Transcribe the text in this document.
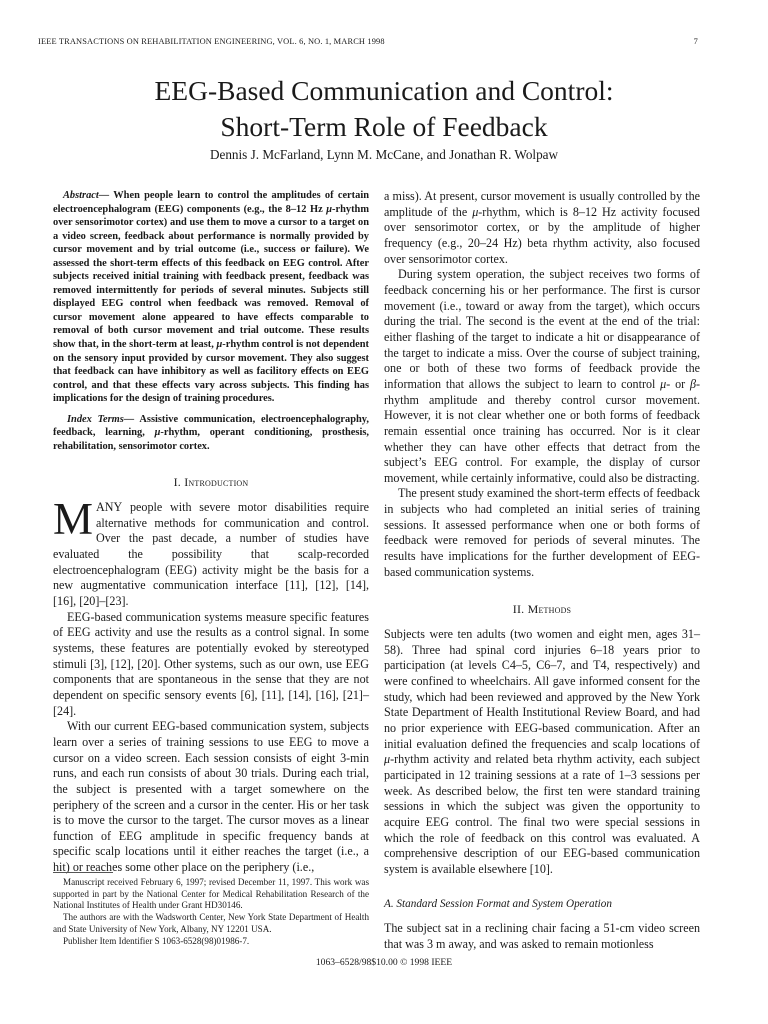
IEEE TRANSACTIONS ON REHABILITATION ENGINEERING, VOL. 6, NO. 1, MARCH 1998	7
EEG-Based Communication and Control:
Short-Term Role of Feedback
Dennis J. McFarland, Lynn M. McCane, and Jonathan R. Wolpaw

Abstract— When people learn to control the amplitudes of certain electroencephalogram (EEG) components (e.g., the 8–12 Hz μ-rhythm over sensorimotor cortex) and use them to move a cursor to a target on a video screen, feedback about performance is normally provided by cursor movement and by trial outcome (i.e., success or failure). We assessed the short-term effects of this feedback on EEG control. After subjects received initial training with feedback present, feedback was removed intermittently for periods of several minutes. Subjects still displayed EEG control when feedback was removed. Removal of cursor movement alone appeared to have effects comparable to removal of both cursor movement and trial outcome. These results show that, in the short-term at least, μ-rhythm control is not dependent on the sensory input provided by cursor movement. They also suggest that feedback can have inhibitory as well as facilitory effects on EEG control, and that these effects vary across subjects. This finding has implications for the design of training procedures.

Index Terms— Assistive communication, electroencephalography, feedback, learning, μ-rhythm, operant conditioning, prosthesis, rehabilitation, sensorimotor cortex.

I. Introduction

MANY people with severe motor disabilities require alternative methods for communication and control. Over the past decade, a number of studies have evaluated the possibility that scalp-recorded electroencephalogram (EEG) activity might be the basis for a new augmentative communication interface [11], [12], [14], [16], [20]–[23].

EEG-based communication systems measure specific features of EEG activity and use the results as a control signal. In some systems, these features are potentially evoked by stereotyped stimuli [3], [12], [20]. Other systems, such as our own, use EEG components that are spontaneous in the sense that they are not dependent on specific sensory events [6], [11], [14], [16], [21]–[24].

With our current EEG-based communication system, subjects learn over a series of training sessions to use EEG to move a cursor on a video screen. Each session consists of eight 3-min runs, and each run consists of about 30 trials. During each trial, the subject is presented with a target somewhere on the periphery of the screen and a cursor in the center. His or her task is to move the cursor to the target. The cursor moves as a linear function of EEG amplitude in specific frequency bands at specific scalp locations until it either reaches the target (i.e., a hit) or reaches some other place on the periphery (i.e.,

Manuscript received February 6, 1997; revised December 11, 1997. This work was supported in part by the National Center for Medical Rehabilitation Research of the National Institutes of Health under Grant HD30146.

The authors are with the Wadsworth Center, New York State Department of Health and State University of New York, Albany, NY 12201 USA.

Publisher Item Identifier S 1063-6528(98)01986-7.

a miss). At present, cursor movement is usually controlled by the amplitude of the μ-rhythm, which is 8–12 Hz activity focused over sensorimotor cortex, or by the amplitude of higher frequency (e.g., 20–24 Hz) beta rhythm activity, also focused over sensorimotor cortex.

During system operation, the subject receives two forms of feedback concerning his or her performance. The first is cursor movement (i.e., toward or away from the target), which occurs during the trial. The second is the event at the end of the trial: either flashing of the target to indicate a hit or disappearance of the target to indicate a miss. Over the course of subject training, one or both of these two forms of feedback provide the information that allows the subject to learn to control μ- or β-rhythm amplitude and thereby control cursor movement. However, it is not clear whether one or both forms of feedback remain essential once training has occurred. Nor is it clear whether they can have other effects that detract from the subject’s EEG control. For example, the display of cursor movement, while certainly informative, could also be distracting.

The present study examined the short-term effects of feedback in subjects who had completed an initial series of training sessions. It assessed performance when one or both forms of feedback were removed for periods of several minutes. The results have implications for the further development of EEG-based communication systems.

II. Methods

Subjects were ten adults (two women and eight men, ages 31–58). Three had spinal cord injuries 6–18 years prior to participation (at levels C4–5, C6–7, and T4, respectively) and were confined to wheelchairs. All gave informed consent for the study, which had been reviewed and approved by the New York State Department of Health Institutional Review Board, and had no prior experience with EEG-based communication. After an initial evaluation defined the frequencies and scalp locations of μ-rhythm activity and related beta rhythm activity, each subject participated in 12 training sessions at a rate of 1–3 sessions per week. As described below, the first ten were standard training sessions in which the subject was given the opportunity to acquire EEG control. The final two were special sessions in which the role of feedback on this control was evaluated. A comprehensive description of our EEG-based communication system is available elsewhere [10].

A. Standard Session Format and System Operation

The subject sat in a reclining chair facing a 51-cm video screen that was 3 m away, and was asked to remain motionless

1063–6528/98$10.00 © 1998 IEEE
